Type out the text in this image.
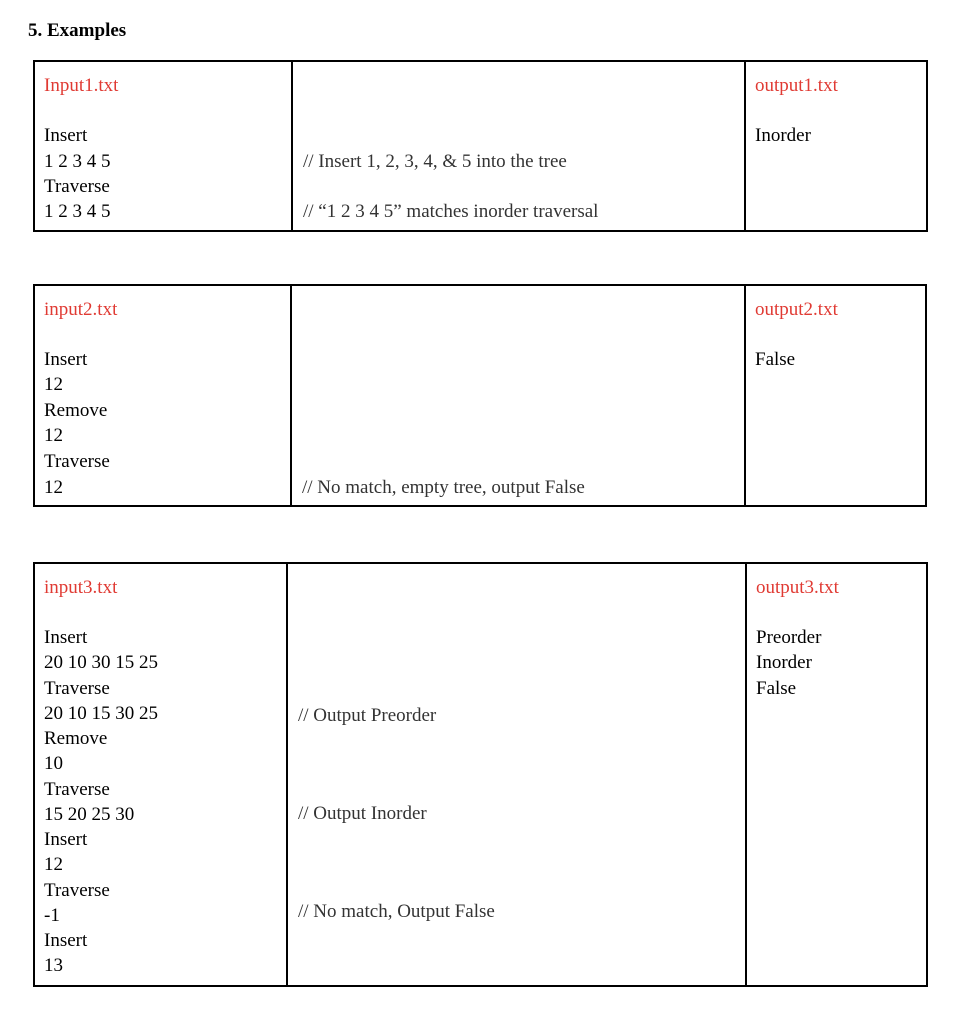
5. Examples
Input1.txt
Insert
1 2 3 4 5
Traverse
1 2 3 4 5
// Insert 1, 2, 3, 4, & 5 into the tree
// “1 2 3 4 5” matches inorder traversal
output1.txt
Inorder
input2.txt
Insert
12
Remove
12
Traverse
12	// No match, empty tree, output False
output2.txt
False
input3.txt
Insert
20 10 30 15 25
Traverse
20 10 15 30 25
Remove
10
Traverse
15 20 25 30
Insert
12
Traverse
-1
Insert
13
// Output Preorder
// Output Inorder
// No match, Output False
output3.txt
Preorder
Inorder
False
